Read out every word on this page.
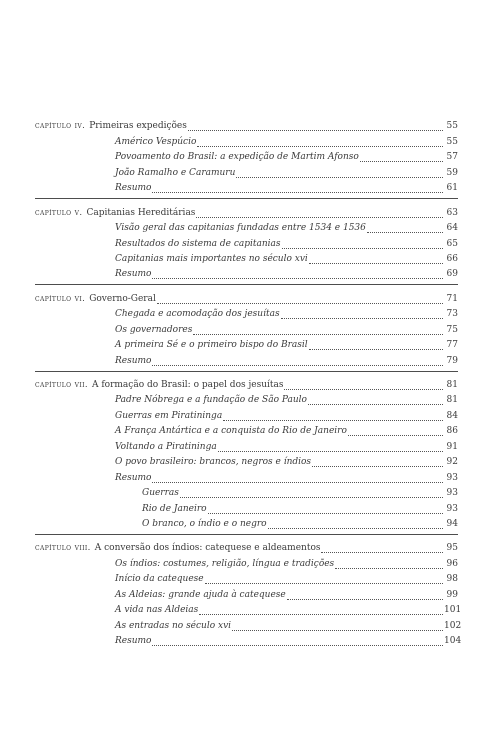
capítulo iv. Primeiras expedições	55
Américo Vespúcio	55
Povoamento do Brasil: a expedição de Martim Afonso	57
João Ramalho e Caramuru	59
Resumo	61
capítulo v. Capitanias Hereditárias	63
Visão geral das capitanias fundadas entre 1534 e 1536	64
Resultados do sistema de capitanias	65
Capitanias mais importantes no século xvi	66
Resumo	69
capítulo vi. Governo-Geral	71
Chegada e acomodação dos jesuítas	73
Os governadores	75
A primeira Sé e o primeiro bispo do Brasil	77
Resumo	79
capítulo vii. A formação do Brasil: o papel dos jesuítas	81
Padre Nóbrega e a fundação de São Paulo	81
Guerras em Piratininga	84
A França Antártica e a conquista do Rio de Janeiro	86
Voltando a Piratininga	91
O povo brasileiro: brancos, negros e índios	92
Resumo	93
Guerras	93
Rio de Janeiro	93
O branco, o índio e o negro	94
capítulo viii. A conversão dos índios: catequese e aldeamentos	95
Os índios: costumes, religião, língua e tradições	96
Início da catequese	98
As Aldeias: grande ajuda à catequese	99
A vida nas Aldeias	101
As entradas no século xvi	102
Resumo	104
